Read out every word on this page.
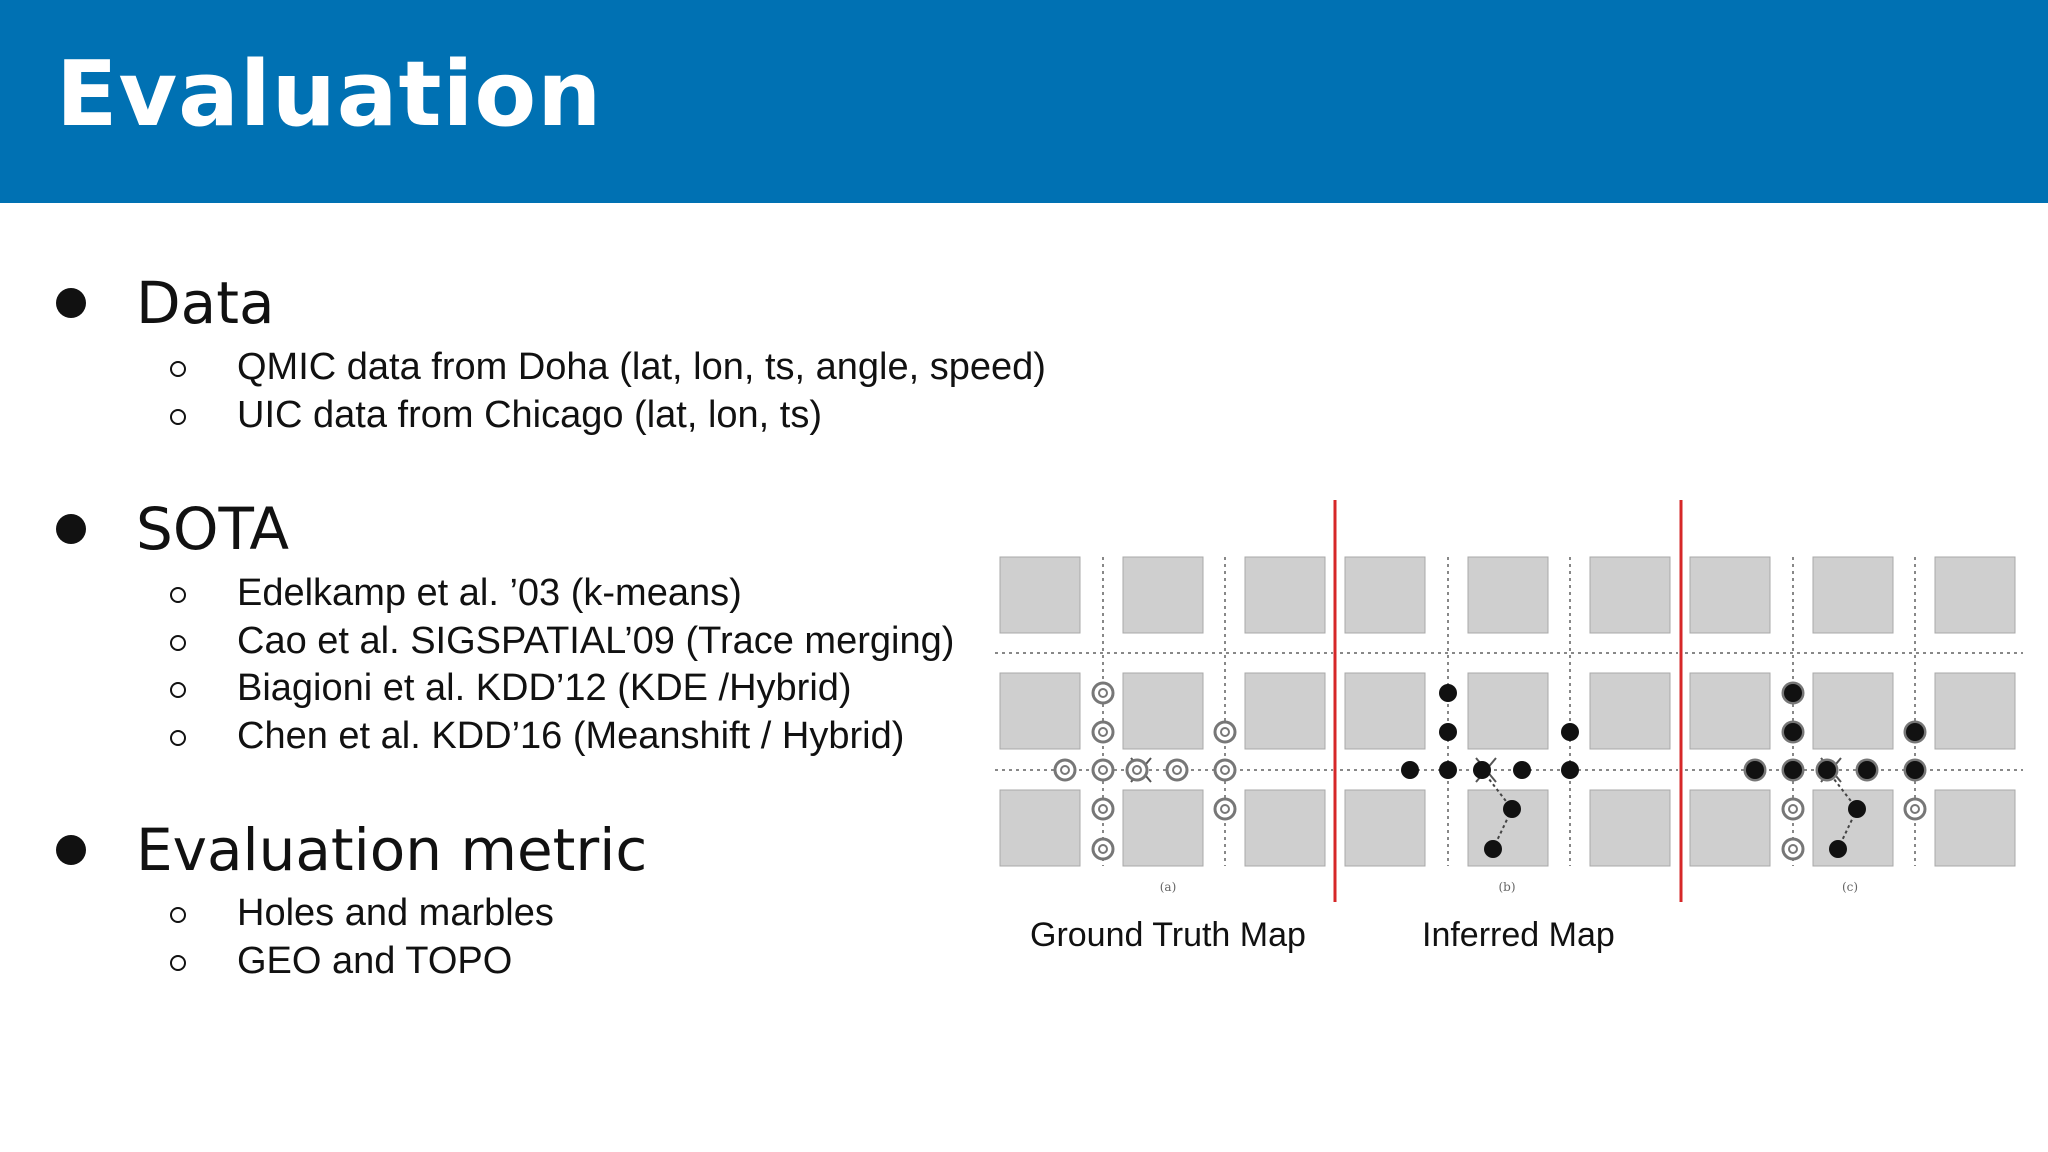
Evaluation
Data
QMIC data from Doha (lat, lon, ts, angle, speed)
UIC data from Chicago (lat, lon, ts)
SOTA
Edelkamp et al. ’03 (k-means)
Cao et al. SIGSPATIAL’09 (Trace merging)
Biagioni et al. KDD’12 (KDE /Hybrid)
Chen et al. KDD’16 (Meanshift / Hybrid)
Evaluation metric
Holes and marbles
GEO and TOPO
(a)	(b)	(c)
Ground Truth Map	Inferred Map
